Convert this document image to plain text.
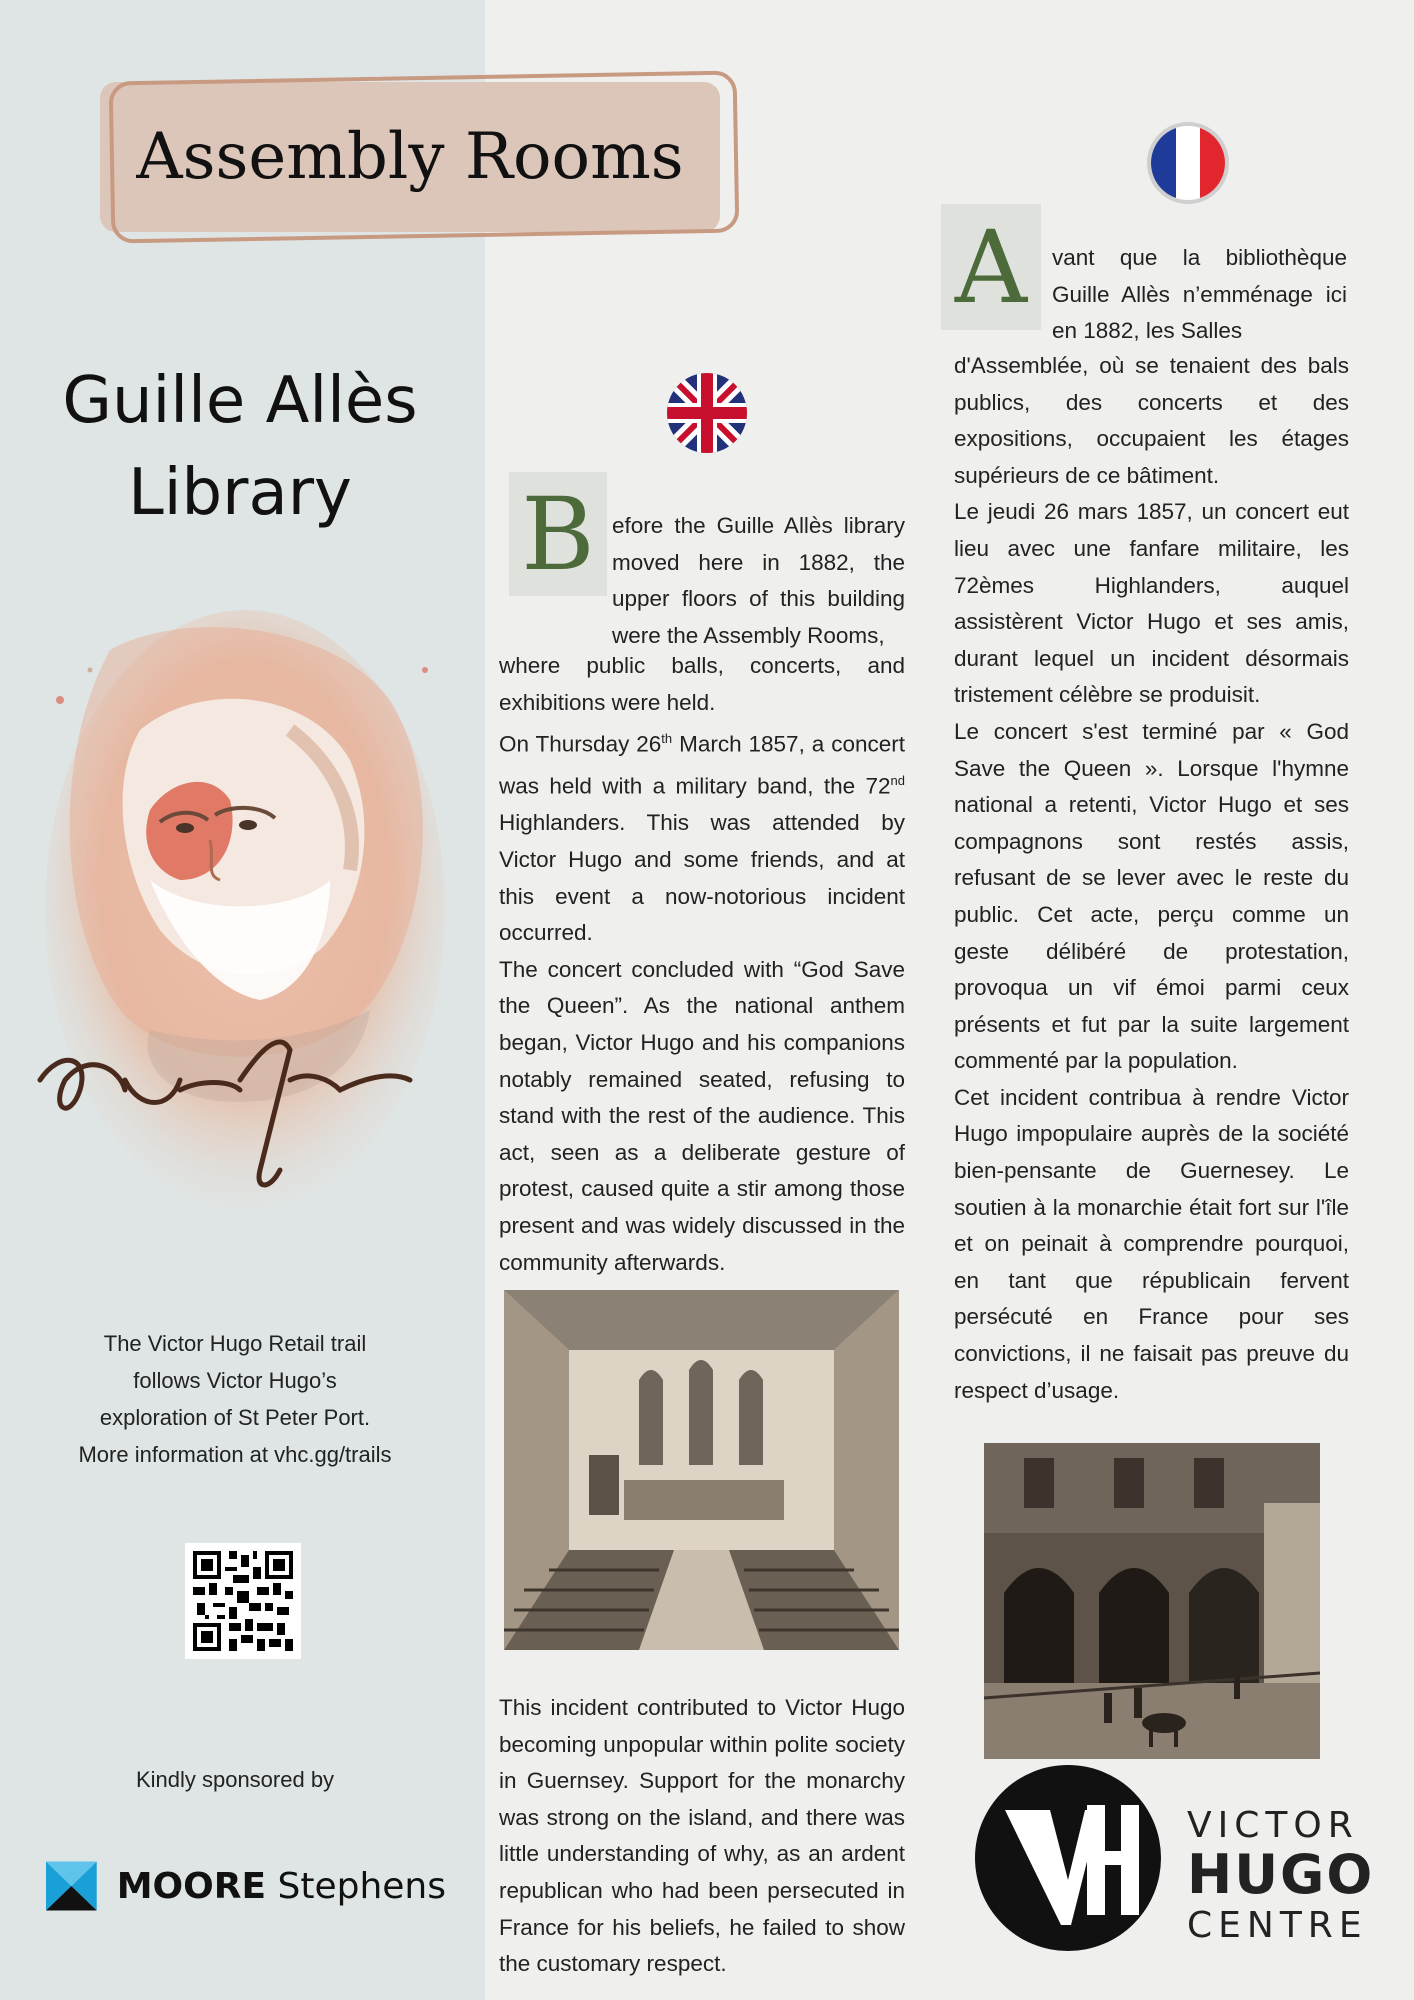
Assembly Rooms
Guille Allès
Library
The Victor Hugo Retail trail
follows Victor Hugo’s
exploration of St Peter Port.
More information at vhc.gg/trails
Kindly sponsored by
MOORE Stephens
B efore the Guille Allès library moved here in 1882, the upper floors of this building were the Assembly Rooms,

where public balls, concerts, and exhibitions were held.

On Thursday 26th March 1857, a concert was held with a military band, the 72nd Highlanders. This was attended by Victor Hugo and some friends, and at this event a now-notorious incident occurred.

The concert concluded with “God Save the Queen”. As the national anthem began, Victor Hugo and his companions notably remained seated, refusing to stand with the rest of the audience. This act, seen as a deliberate gesture of protest, caused quite a stir among those present and was widely discussed in the community afterwards.

This incident contributed to Victor Hugo becoming unpopular within polite society in Guernsey. Support for the monarchy was strong on the island, and there was little understanding of why, as an ardent republican who had been persecuted in France for his beliefs, he failed to show the customary respect.

A	vant que la bibliothèque Guille Allès n’emménage ici en 1882, les Salles

d'Assemblée, où se tenaient des bals publics, des concerts et des expositions, occupaient les étages supérieurs de ce bâtiment.

Le jeudi 26 mars 1857, un concert eut lieu avec une fanfare militaire, les 72èmes Highlanders, auquel assistèrent Victor Hugo et ses amis, durant lequel un incident désormais tristement célèbre se produisit.

Le concert s'est terminé par « God Save the Queen ». Lorsque l'hymne national a retenti, Victor Hugo et ses compagnons sont restés assis, refusant de se lever avec le reste du public. Cet acte, perçu comme un geste délibéré de protestation, provoqua un vif émoi parmi ceux présents et fut par la suite largement commenté par la population.

Cet incident contribua à rendre Victor Hugo impopulaire auprès de la société bien-pensante de Guernesey. Le soutien à la monarchie était fort sur l'île et on peinait à comprendre pourquoi, en tant que républicain fervent persécuté en France pour ses convictions, il ne faisait pas preuve du respect d’usage.

VICTOR
HUGO
CENTRE
